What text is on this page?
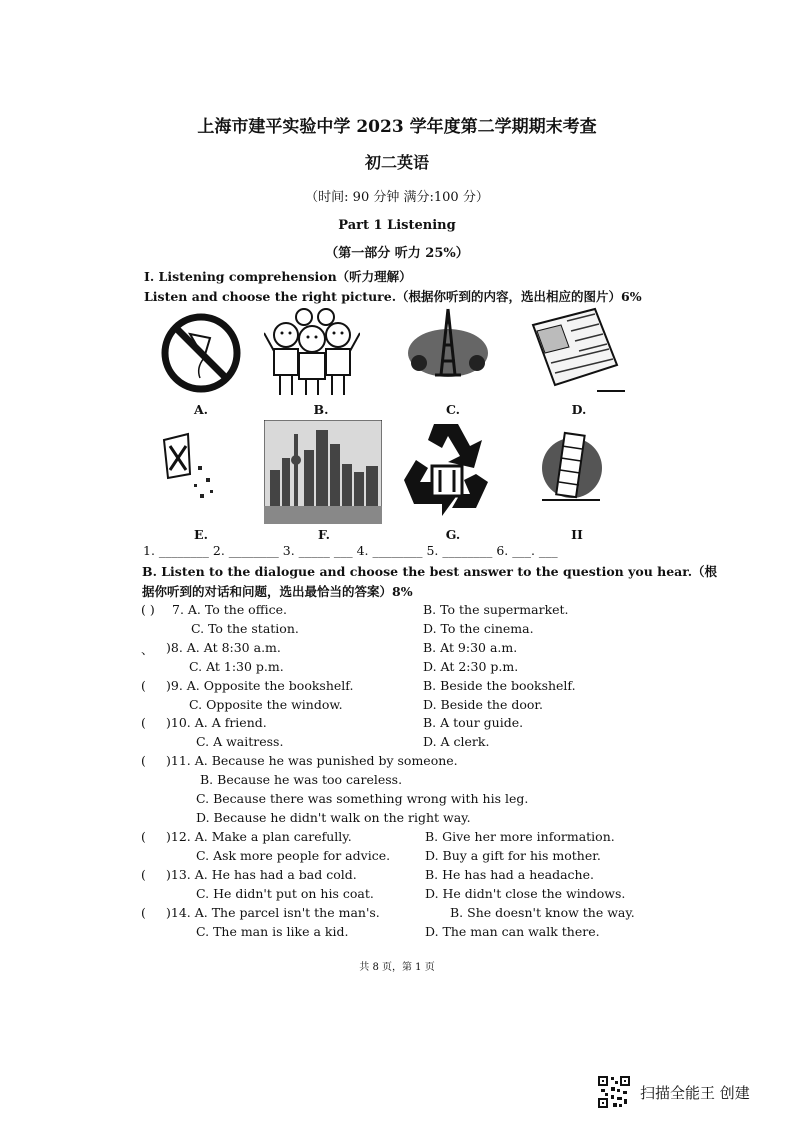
上海市建平实验中学 2023 学年度第二学期期末考查
初二英语
（时间: 90 分钟 满分:100 分）
Part 1 Listening
（第一部分 听力 25%）
I. Listening comprehension（听力理解）
Listen and choose the right picture.（根据你听到的内容，选出相应的图片）6%
A.	B.	C.	D.
E.	F.	G.	II
1. ________ 2. ________ 3. _____ ___ 4. ________ 5. ________ 6. ___. ___
B. Listen to the dialogue and choose the best answer to the question you hear.（根
据你听到的对话和问题，选出最恰当的答案）8%
( ) 7. A. To the office.	B. To the supermarket.
C. To the station.	D. To the cinema.
、 )8. A. At 8:30 a.m.	B. At 9:30 a.m.
C. At 1:30 p.m.	D. At 2:30 p.m.
( )9. A. Opposite the bookshelf.	B. Beside the bookshelf.
C. Opposite the window.	D. Beside the door.
( )10. A. A friend.	B. A tour guide.
C. A waitress.	D. A clerk.
( )11. A. Because he was punished by someone.
B. Because he was too careless.
C. Because there was something wrong with his leg.
D. Because he didn't walk on the right way.
( )12. A. Make a plan carefully.	B. Give her more information.
C. Ask more people for advice.	D. Buy a gift for his mother.
( )13. A. He has had a bad cold.	B. He has had a headache.
C. He didn't put on his coat.	D. He didn't close the windows.
( )14. A. The parcel isn't the man's.	B. She doesn't know the way.
C. The man is like a kid.	D. The man can walk there.
共 8 页，第 1 页
扫描全能王 创建
